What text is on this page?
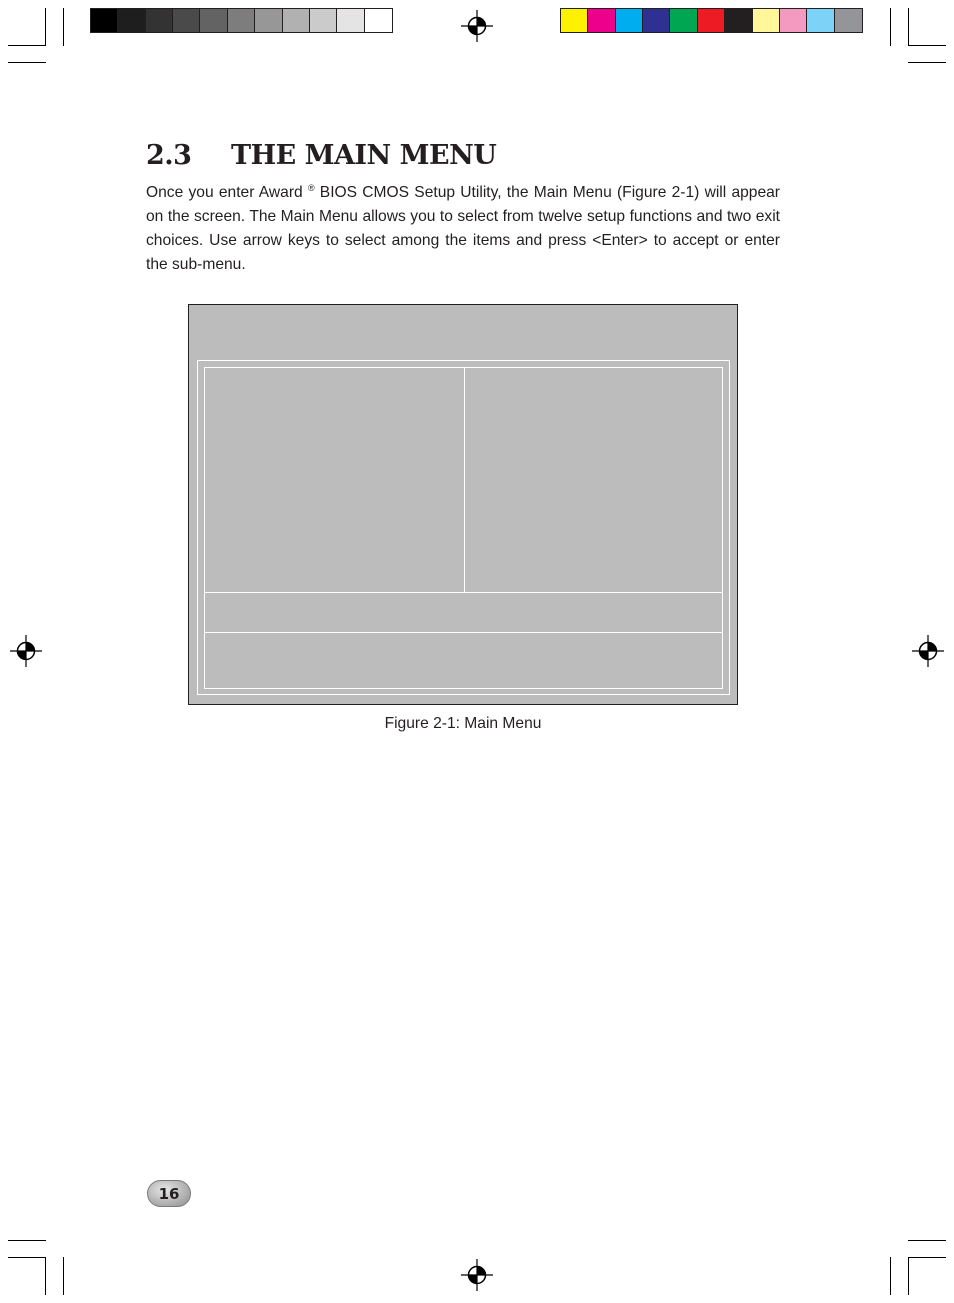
2.3 THE MAIN MENU

Once you enter Award ® BIOS CMOS Setup Utility, the Main Menu (Figure 2-1) will appear on the screen. The Main Menu allows you to select from twelve setup functions and two exit choices. Use arrow keys to select among the items and press <Enter> to accept or enter the sub-menu.

Figure 2-1: Main Menu
16
